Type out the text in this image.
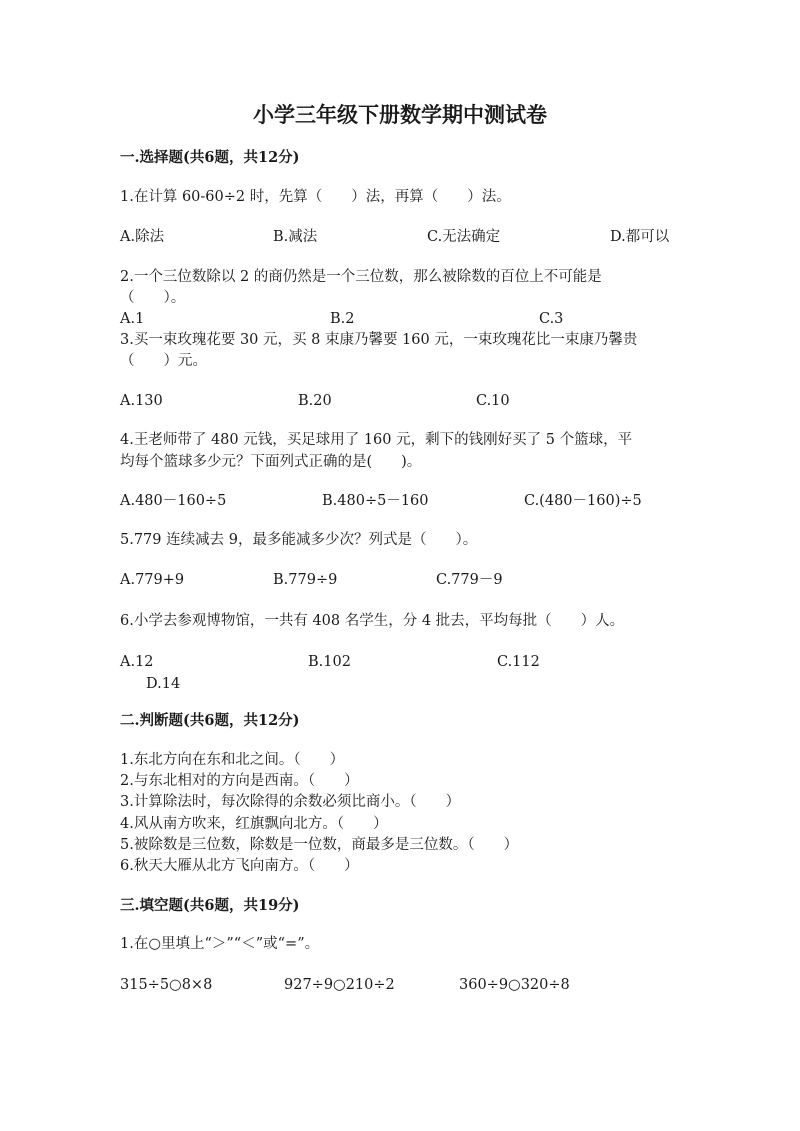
小学三年级下册数学期中测试卷
一.选择题(共6题，共12分)
1.在计算 60-60÷2 时，先算（　　）法，再算（　　）法。
A.除法	B.减法	C.无法确定	D.都可以
2.一个三位数除以 2 的商仍然是一个三位数，那么被除数的百位上不可能是
（　　）。
A.1	B.2	C.3
3.买一束玫瑰花要 30 元，买 8 束康乃馨要 160 元，一束玫瑰花比一束康乃馨贵
（　　）元。
A.130	B.20	C.10
4.王老师带了 480 元钱，买足球用了 160 元，剩下的钱刚好买了 5 个篮球，平
均每个篮球多少元？下面列式正确的是(　　)。
A.480－160÷5	B.480÷5－160	C.(480－160)÷5
5.779 连续减去 9，最多能减多少次？列式是（　　）。
A.779+9	B.779÷9	C.779－9
6.小学去参观博物馆，一共有 408 名学生，分 4 批去，平均每批（　　）人。
A.12	B.102	C.112
D.14
二.判断题(共6题，共12分)
1.东北方向在东和北之间。（　　）
2.与东北相对的方向是西南。（　　）
3.计算除法时，每次除得的余数必须比商小。（　　）
4.风从南方吹来，红旗飘向北方。（　　）
5.被除数是三位数，除数是一位数，商最多是三位数。（　　）
6.秋天大雁从北方飞向南方。（　　）
三.填空题(共6题，共19分)
1.在○里填上“＞”“＜”或“=”。
315÷5○8×8	927÷9○210÷2	360÷9○320÷8
